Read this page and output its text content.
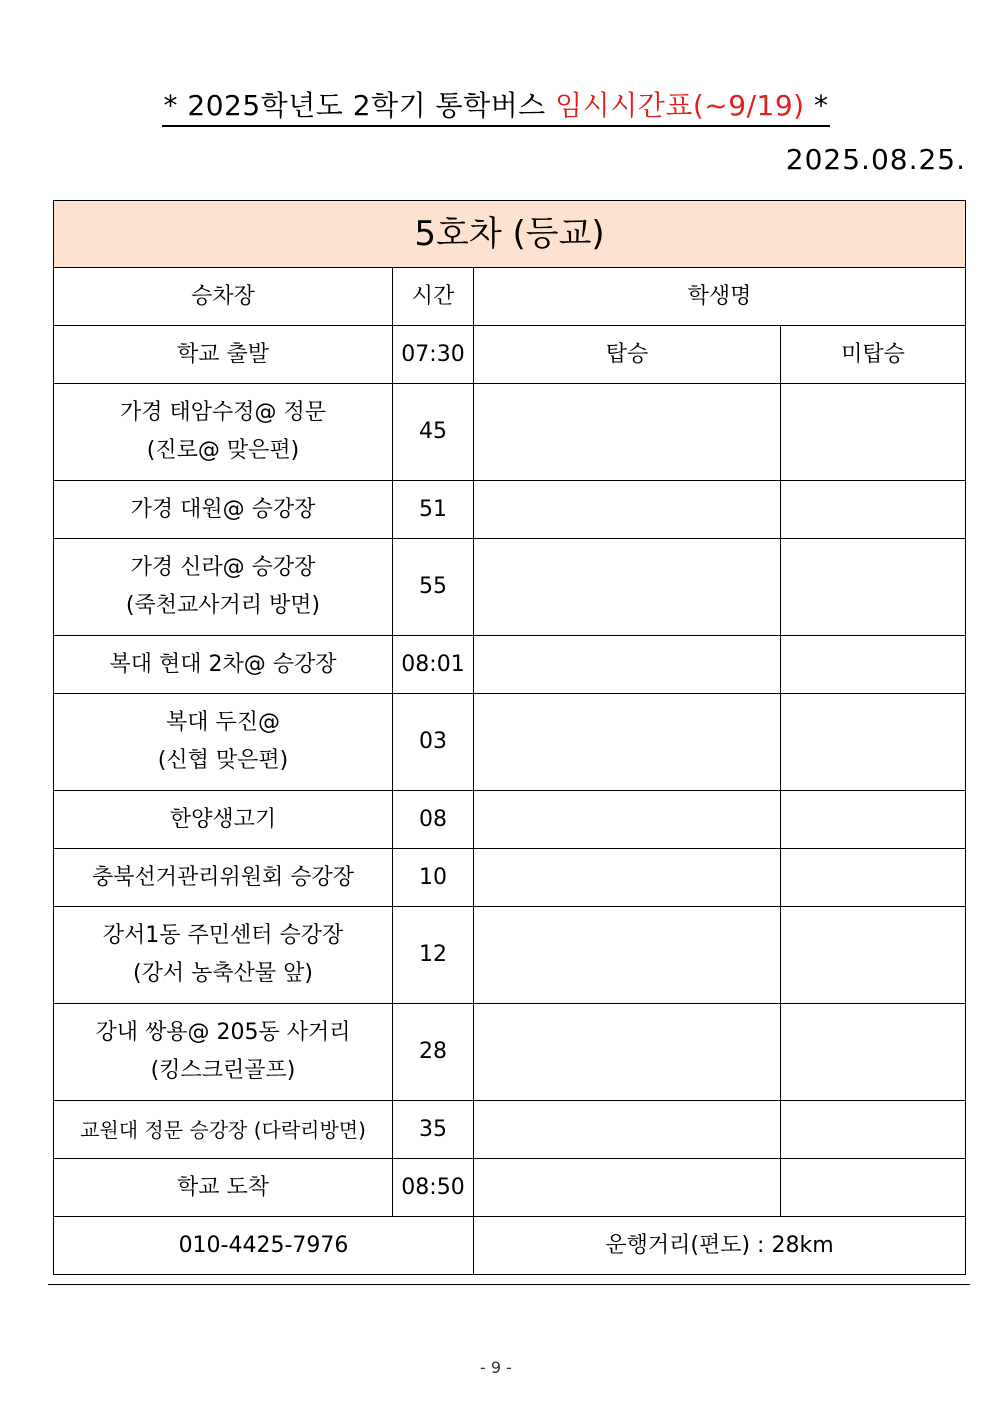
* 2025학년도 2학기 통학버스 임시시간표(~9/19) *
2025.08.25.
5호차 (등교)			
승차장	시간	학생명	
학교 출발	07:30	탑승	미탑승

가경 태암수정@ 정문
(진로@ 맞은편)	45		

가경 대원@ 승강장	51		

가경 신라@ 승강장
(죽천교사거리 방면)	55		

복대 현대 2차@ 승강장	08:01		

복대 두진@
(신협 맞은편)	03		

한양생고기	08		

충북선거관리위원회 승강장	10		

강서1동 주민센터 승강장
(강서 농축산물 앞)	12		

강내 쌍용@ 205동 사거리
(킹스크린골프)	28		

교원대 정문 승강장 (다락리방면)	35		

학교 도착	08:50		
010-4425-7976		운행거리(편도) : 28km	
- 9 -
